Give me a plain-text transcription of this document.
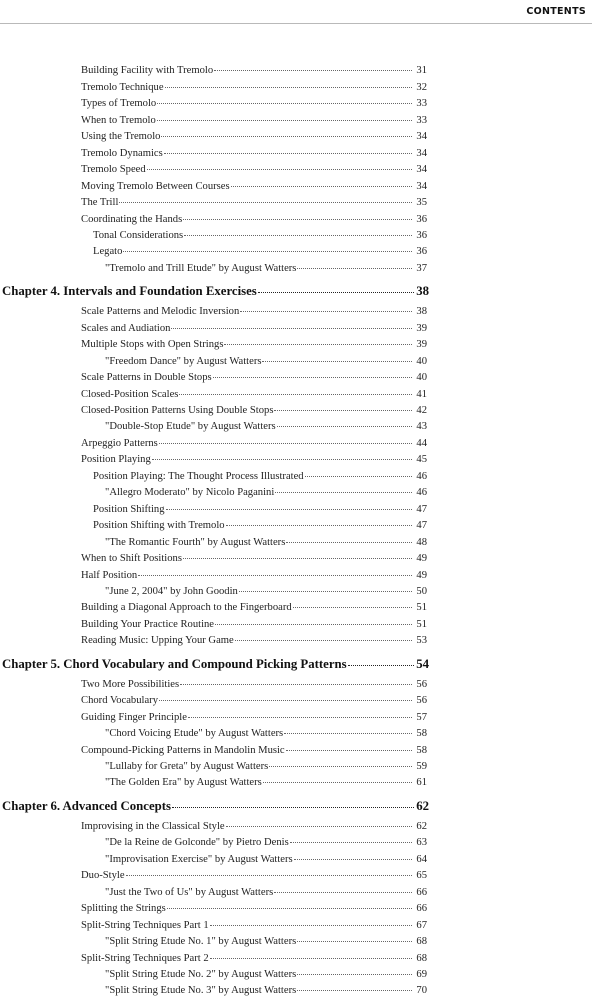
CONTENTS
Building Facility with Tremolo	31
Tremolo Technique	32
Types of Tremolo	33
When to Tremolo	33
Using the Tremolo	34
Tremolo Dynamics	34
Tremolo Speed	34
Moving Tremolo Between Courses	34
The Trill	35
Coordinating the Hands	36
Tonal Considerations	36
Legato	36
"Tremolo and Trill Etude" by August Watters	37
Chapter 4. Intervals and Foundation Exercises	38
Scale Patterns and Melodic Inversion	38
Scales and Audiation	39
Multiple Stops with Open Strings	39
"Freedom Dance" by August Watters	40
Scale Patterns in Double Stops	40
Closed-Position Scales	41
Closed-Position Patterns Using Double Stops	42
"Double-Stop Etude" by August Watters	43
Arpeggio Patterns	44
Position Playing	45
Position Playing: The Thought Process Illustrated	46
"Allegro Moderato" by Nicolo Paganini	46
Position Shifting	47
Position Shifting with Tremolo	47
"The Romantic Fourth" by August Watters	48
When to Shift Positions	49
Half Position	49
"June 2, 2004" by John Goodin	50
Building a Diagonal Approach to the Fingerboard	51
Building Your Practice Routine	51
Reading Music: Upping Your Game	53
Chapter 5. Chord Vocabulary and Compound Picking Patterns	54
Two More Possibilities	56
Chord Vocabulary	56
Guiding Finger Principle	57
"Chord Voicing Etude" by August Watters	58
Compound-Picking Patterns in Mandolin Music	58
"Lullaby for Greta" by August Watters	59
"The Golden Era" by August Watters	61
Chapter 6. Advanced Concepts	62
Improvising in the Classical Style	62
"De la Reine de Golconde" by Pietro Denis	63
"Improvisation Exercise" by August Watters	64
Duo-Style	65
"Just the Two of Us" by August Watters	66
Splitting the Strings	66
Split-String Techniques Part 1	67
"Split String Etude No. 1" by August Watters	68
Split-String Techniques Part 2	68
"Split String Etude No. 2" by August Watters	69
"Split String Etude No. 3" by August Watters	70
